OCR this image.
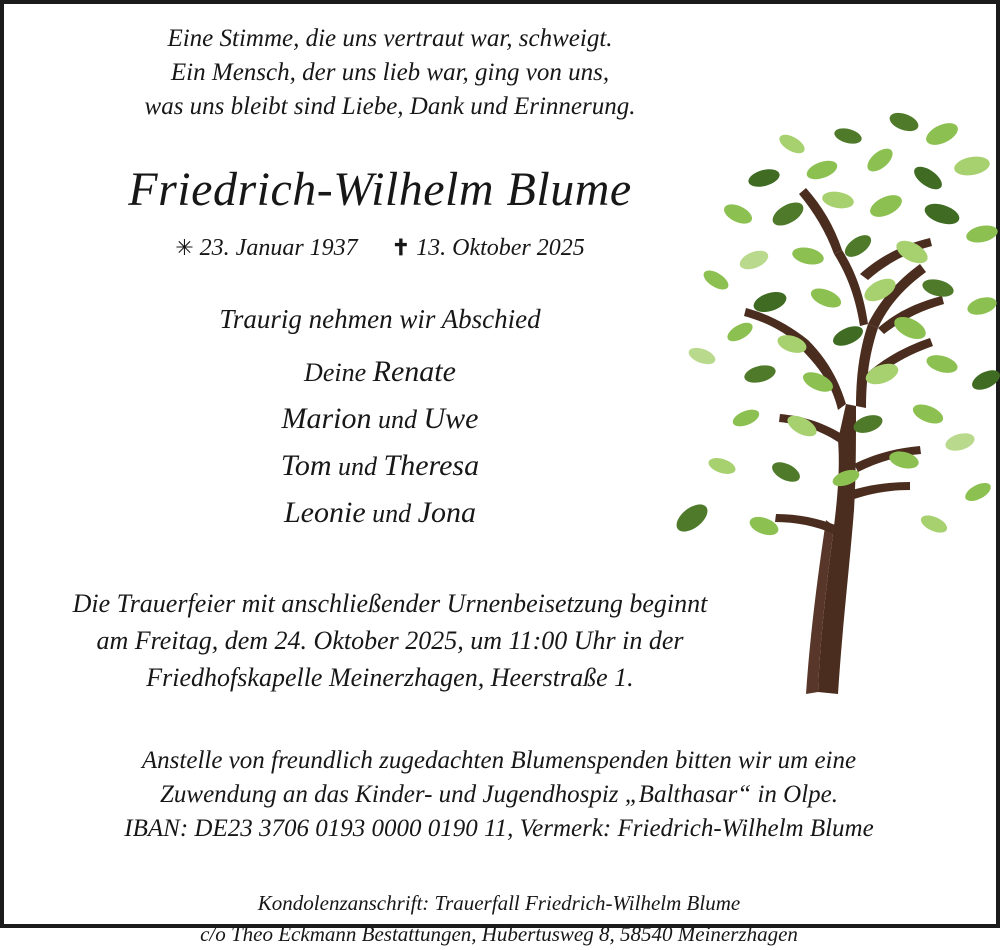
Eine Stimme, die uns vertraut war, schweigt.
Ein Mensch, der uns lieb war, ging von uns,
was uns bleibt sind Liebe, Dank und Erinnerung.
Friedrich-Wilhelm Blume
✳ 23. Januar 1937 ✝ 13. Oktober 2025
Traurig nehmen wir Abschied
Deine Renate
Marion und Uwe
Tom und Theresa
Leonie und Jona
Die Trauerfeier mit anschließender Urnenbeisetzung beginnt
am Freitag, dem 24. Oktober 2025, um 11:00 Uhr in der
Friedhofskapelle Meinerzhagen, Heerstraße 1.
Anstelle von freundlich zugedachten Blumenspenden bitten wir um eine
Zuwendung an das Kinder- und Jugendhospiz „Balthasar“ in Olpe.
IBAN: DE23 3706 0193 0000 0190 11, Vermerk: Friedrich-Wilhelm Blume
Kondolenzanschrift: Trauerfall Friedrich-Wilhelm Blume
c/o Theo Eckmann Bestattungen, Hubertusweg 8, 58540 Meinerzhagen
